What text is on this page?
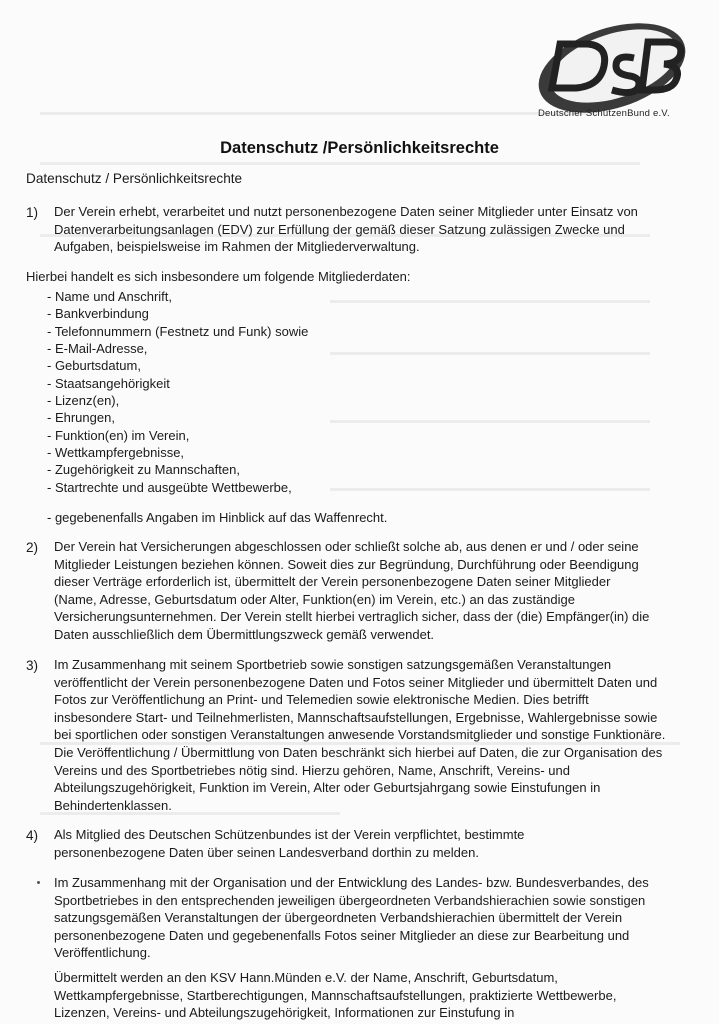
Deutscher SchützenBund e.V.
Datenschutz /Persönlichkeitsrechte
Datenschutz / Persönlichkeitsrechte
1) Der Verein erhebt, verarbeitet und nutzt personenbezogene Daten seiner Mitglieder unter Einsatz von Datenverarbeitungsanlagen (EDV) zur Erfüllung der gemäß dieser Satzung zulässigen Zwecke und Aufgaben, beispielsweise im Rahmen der Mitgliederverwaltung.

Hierbei handelt es sich insbesondere um folgende Mitgliederdaten:

- Name und Anschrift,
- Bankverbindung
- Telefonnummern (Festnetz und Funk) sowie
- E-Mail-Adresse,
- Geburtsdatum,
- Staatsangehörigkeit
- Lizenz(en),
- Ehrungen,
- Funktion(en) im Verein,
- Wettkampfergebnisse,
- Zugehörigkeit zu Mannschaften,
- Startrechte und ausgeübte Wettbewerbe,

- gegebenenfalls Angaben im Hinblick auf das Waffenrecht.

2) Der Verein hat Versicherungen abgeschlossen oder schließt solche ab, aus denen er und / oder seine Mitglieder Leistungen beziehen können. Soweit dies zur Begründung, Durchführung oder Beendigung dieser Verträge erforderlich ist, übermittelt der Verein personenbezogene Daten seiner Mitglieder (Name, Adresse, Geburtsdatum oder Alter, Funktion(en) im Verein, etc.) an das zuständige Versicherungsunternehmen. Der Verein stellt hierbei vertraglich sicher, dass der (die) Empfänger(in) die Daten ausschließlich dem Übermittlungszweck gemäß verwendet.

3) Im Zusammenhang mit seinem Sportbetrieb sowie sonstigen satzungsgemäßen Veranstaltungen veröffentlicht der Verein personenbezogene Daten und Fotos seiner Mitglieder und übermittelt Daten und Fotos zur Veröffentlichung an Print- und Telemedien sowie elektronische Medien. Dies betrifft insbesondere Start- und Teilnehmerlisten, Mannschaftsaufstellungen, Ergebnisse, Wahlergebnisse sowie bei sportlichen oder sonstigen Veranstaltungen anwesende Vorstandsmitglieder und sonstige Funktionäre. Die Veröffentlichung / Übermittlung von Daten beschränkt sich hierbei auf Daten, die zur Organisation des Vereins und des Sportbetriebes nötig sind. Hierzu gehören, Name, Anschrift, Vereins- und Abteilungszugehörigkeit, Funktion im Verein, Alter oder Geburtsjahrgang sowie Einstufungen in Behindertenklassen.

4) Als Mitglied des Deutschen Schützenbundes ist der Verein verpflichtet, bestimmte personenbezogene Daten über seinen Landesverband dorthin zu melden.

Im Zusammenhang mit der Organisation und der Entwicklung des Landes- bzw. Bundesverbandes, des Sportbetriebes in den entsprechenden jeweiligen übergeordneten Verbandshierachien sowie sonstigen satzungsgemäßen Veranstaltungen der übergeordneten Verbandshierachien übermittelt der Verein personenbezogene Daten und gegebenenfalls Fotos seiner Mitglieder an diese zur Bearbeitung und Veröffentlichung.

Übermittelt werden an den KSV Hann.Münden e.V. der Name, Anschrift, Geburtsdatum, Wettkampfergebnisse, Startberechtigungen, Mannschaftsaufstellungen, praktizierte Wettbewerbe, Lizenzen, Vereins- und Abteilungszugehörigkeit, Informationen zur Einstufung in
